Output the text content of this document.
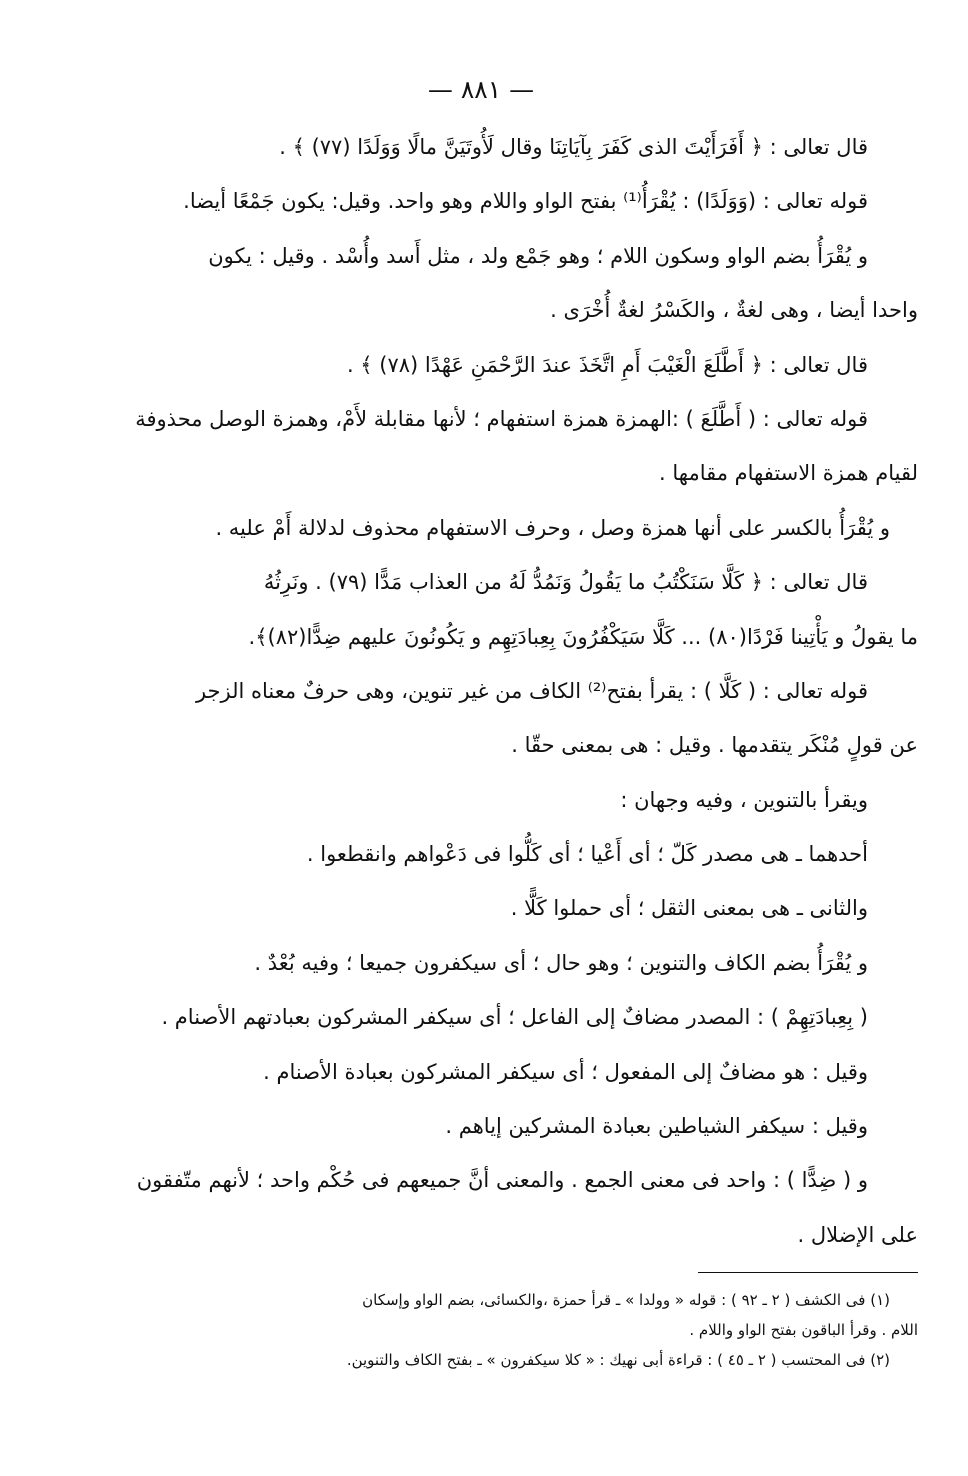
— ٨٨١ —
قال تعالى : ﴿ أَفَرَأَيْتَ الذى كَفَرَ بِآيَاتِنَا وقال لَأُوتَيَنَّ مالًا وَوَلَدًا (٧٧) ﴾ .
قوله تعالى : (وَوَلَدًا) : يُقْرَأُ⁽¹⁾ بفتح الواو واللام وهو واحد. وقيل: يكون جَمْعًا أيضا.
و يُقْرَأُ بضم الواو وسكون اللام ؛ وهو جَمْع ولد ، مثل أَسد وأُسْد . وقيل : يكون
واحدا أيضا ، وهى لغةٌ ، والكَسْرُ لغةٌ أُخْرَى .
قال تعالى : ﴿ أَطَّلَعَ الْغَيْبَ أَمِ اتَّخَذَ عندَ الرَّحْمَنِ عَهْدًا (٧٨) ﴾ .
قوله تعالى : ( أَطَّلَعَ ) :الهمزة همزة استفهام ؛ لأنها مقابلة لأَمْ، وهمزة الوصل محذوفة
لقيام همزة الاستفهام مقامها .
و يُقْرَأُ بالكسر على أنها همزة وصل ، وحرف الاستفهام محذوف لدلالة أَمْ عليه .
قال تعالى : ﴿ كَلَّا سَنَكْتُبُ ما يَقُولُ وَنَمُدُّ لَهُ من العذاب مَدًّا (٧٩) . ونَرِثُهُ
ما يقولُ و يَأْتِينا فَرْدًا(٨٠) ... كَلَّا سَيَكْفُرُونَ بِعِبادَتِهِم و يَكُونُونَ عليهم ضِدًّا(٨٢)﴾.
قوله تعالى : ( كَلَّا ) : يقرأ بفتح⁽²⁾ الكاف من غير تنوين، وهى حرفٌ معناه الزجر
عن قولٍ مُنْكَر يتقدمها . وقيل : هى بمعنى حقّا .
ويقرأ بالتنوين ، وفيه وجهان :
أحدهما ـ هى مصدر كَلّ ؛ أى أَعْيا ؛ أى كَلُّوا فى دَعْواهم وانقطعوا .
والثانى ـ هى بمعنى الثقل ؛ أى حملوا كَلًّا .
و يُقْرَأُ بضم الكاف والتنوين ؛ وهو حال ؛ أى سيكفرون جميعا ؛ وفيه بُعْدٌ .
( بِعِبادَتِهِمْ ) : المصدر مضافٌ إلى الفاعل ؛ أى سيكفر المشركون بعبادتهم الأصنام .
وقيل : هو مضافٌ إلى المفعول ؛ أى سيكفر المشركون بعبادة الأصنام .
وقيل : سيكفر الشياطين بعبادة المشركين إياهم .
و ( ضِدًّا ) : واحد فى معنى الجمع . والمعنى أنَّ جميعهم فى حُكْم واحد ؛ لأنهم متّفقون
على الإضلال .
(١) فى الكشف ( ٢ ـ ٩٢ ) : قوله « وولدا » ـ قرأ حمزة ،والكسائى، بضم الواو وإسكان
اللام . وقرأ الباقون بفتح الواو واللام .
(٢) فى المحتسب ( ٢ ـ ٤٥ ) : قراءة أبى نهيك : « كلا سيكفرون » ـ بفتح الكاف والتنوين.
